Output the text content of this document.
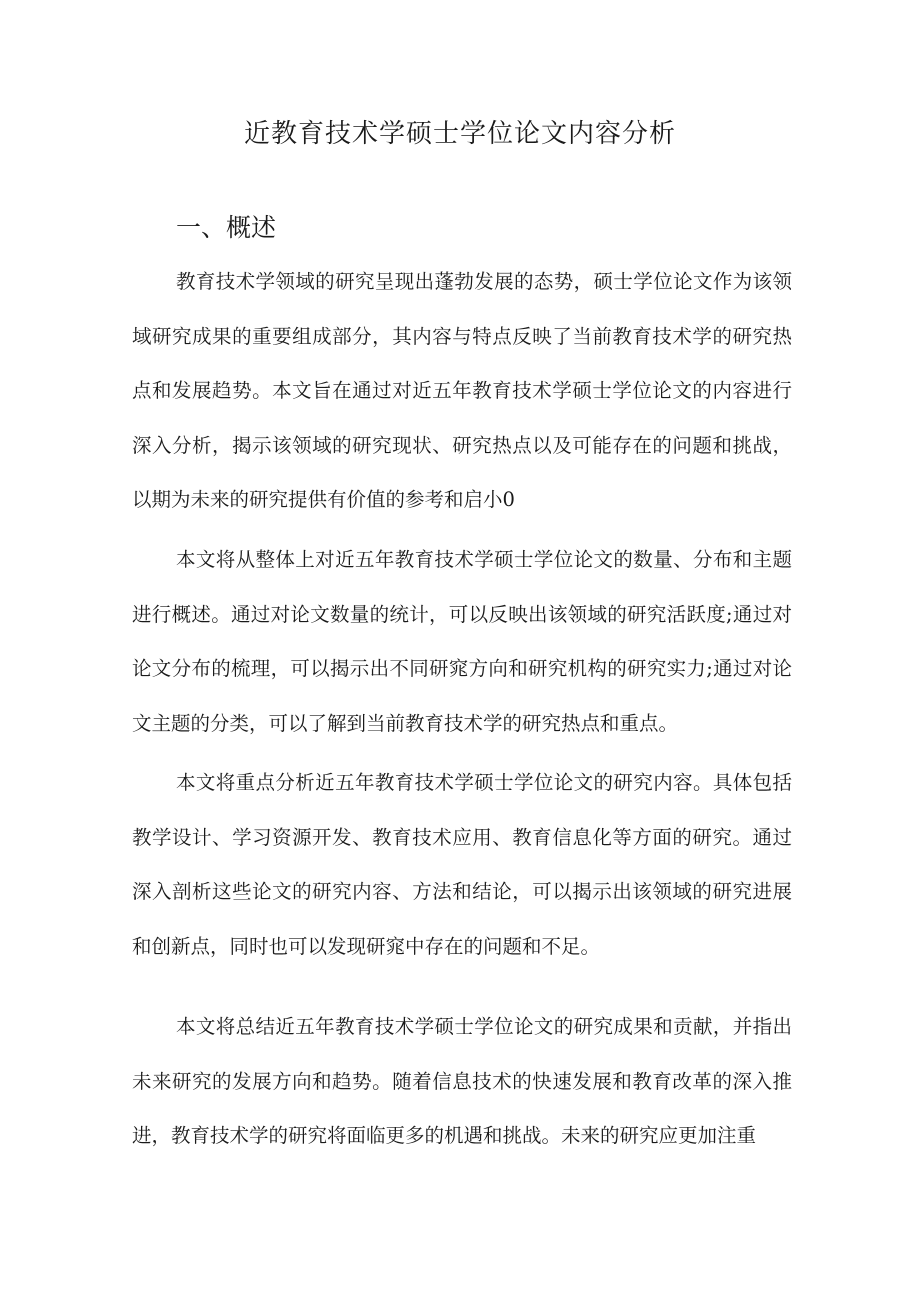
近教育技术学硕士学位论文内容分析
一、概述

教育技术学领域的研究呈现出蓬勃发展的态势，硕士学位论文作为该领域研究成果的重要组成部分，其内容与特点反映了当前教育技术学的研究热点和发展趋势。本文旨在通过对近五年教育技术学硕士学位论文的内容进行深入分析，揭示该领域的研究现状、研究热点以及可能存在的问题和挑战，以期为未来的研究提供有价值的参考和启小0

本文将从整体上对近五年教育技术学硕士学位论文的数量、分布和主题进行概述。通过对论文数量的统计，可以反映出该领域的研究活跃度;通过对论文分布的梳理，可以揭示出不同研窕方向和研究机构的研究实力;通过对论文主题的分类，可以了解到当前教育技术学的研究热点和重点。

本文将重点分析近五年教育技术学硕士学位论文的研究内容。具体包括教学设计、学习资源开发、教育技术应用、教育信息化等方面的研究。通过深入剖析这些论文的研究内容、方法和结论，可以揭示出该领域的研究进展和创新点，同时也可以发现研窕中存在的问题和不足。

本文将总结近五年教育技术学硕士学位论文的研究成果和贡献，并指出未来研究的发展方向和趋势。随着信息技术的快速发展和教育改革的深入推进，教育技术学的研究将面临更多的机遇和挑战。未来的研究应更加注重
